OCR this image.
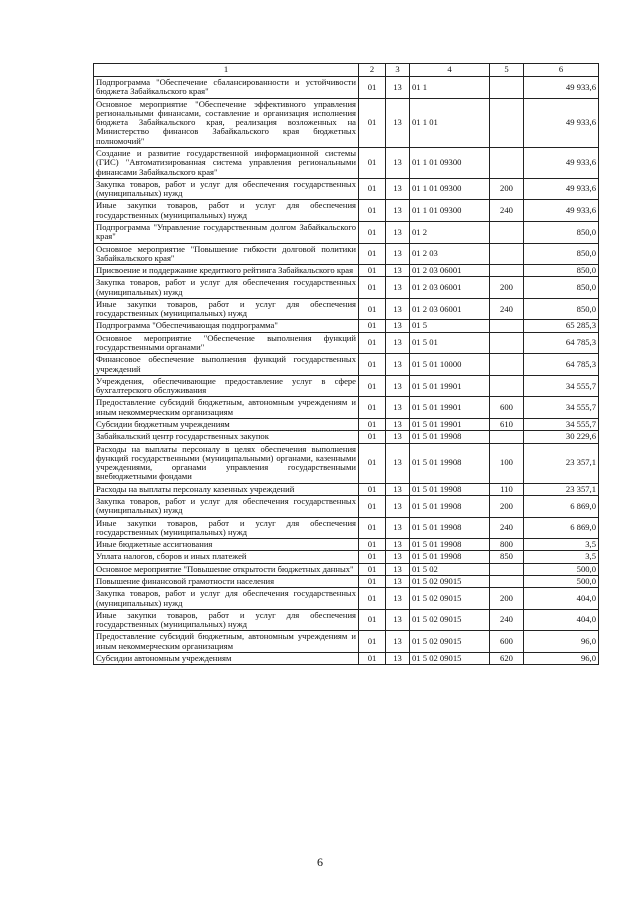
1	2	3	4	5	6
Подпрограмма "Обеспечение сбалансированности и устойчивости бюджета Забайкальского края"	01	13	01 1		49 933,6
Основное мероприятие "Обеспечение эффективного управления региональными финансами, составление и организация исполнения бюджета Забайкальского края, реализация возложенных на Министерство финансов Забайкальского края бюджетных полномочий"	01	13	01 1 01		49 933,6
Создание и развитие государственной информационной системы (ГИС) "Автоматизированная система управления региональными финансами Забайкальского края"	01	13	01 1 01 09300		49 933,6
Закупка товаров, работ и услуг для обеспечения государственных (муниципальных) нужд	01	13	01 1 01 09300	200	49 933,6
Иные закупки товаров, работ и услуг для обеспечения государственных (муниципальных) нужд	01	13	01 1 01 09300	240	49 933,6
Подпрограмма "Управление государственным долгом Забайкальского края"	01	13	01 2		850,0
Основное мероприятие "Повышение гибкости долговой политики Забайкальского края"	01	13	01 2 03		850,0
Присвоение и поддержание кредитного рейтинга Забайкальского края	01	13	01 2 03 06001		850,0
Закупка товаров, работ и услуг для обеспечения государственных (муниципальных) нужд	01	13	01 2 03 06001	200	850,0
Иные закупки товаров, работ и услуг для обеспечения государственных (муниципальных) нужд	01	13	01 2 03 06001	240	850,0
Подпрограмма "Обеспечивающая подпрограмма"	01	13	01 5		65 285,3
Основное мероприятие "Обеспечение выполнения функций государственными органами"	01	13	01 5 01		64 785,3
Финансовое обеспечение выполнения функций государственных учреждений	01	13	01 5 01 10000		64 785,3
Учреждения, обеспечивающие предоставление услуг в сфере бухгалтерского обслуживания	01	13	01 5 01 19901		34 555,7
Предоставление субсидий бюджетным, автономным учреждениям и иным некоммерческим организациям	01	13	01 5 01 19901	600	34 555,7
Субсидии бюджетным учреждениям	01	13	01 5 01 19901	610	34 555,7
Забайкальский центр государственных закупок	01	13	01 5 01 19908		30 229,6
Расходы на выплаты персоналу в целях обеспечения выполнения функций государственными (муниципальными) органами, казенными учреждениями, органами управления государственными внебюджетными фондами	01	13	01 5 01 19908	100	23 357,1
Расходы на выплаты персоналу казенных учреждений	01	13	01 5 01 19908	110	23 357,1
Закупка товаров, работ и услуг для обеспечения государственных (муниципальных) нужд	01	13	01 5 01 19908	200	6 869,0
Иные закупки товаров, работ и услуг для обеспечения государственных (муниципальных) нужд	01	13	01 5 01 19908	240	6 869,0
Иные бюджетные ассигнования	01	13	01 5 01 19908	800	3,5
Уплата налогов, сборов и иных платежей	01	13	01 5 01 19908	850	3,5
Основное мероприятие "Повышение открытости бюджетных данных"	01	13	01 5 02		500,0
Повышение финансовой грамотности населения	01	13	01 5 02 09015		500,0
Закупка товаров, работ и услуг для обеспечения государственных (муниципальных) нужд	01	13	01 5 02 09015	200	404,0
Иные закупки товаров, работ и услуг для обеспечения государственных (муниципальных) нужд	01	13	01 5 02 09015	240	404,0
Предоставление субсидий бюджетным, автономным учреждениям и иным некоммерческим организациям	01	13	01 5 02 09015	600	96,0
Субсидии автономным учреждениям	01	13	01 5 02 09015	620	96,0
6
